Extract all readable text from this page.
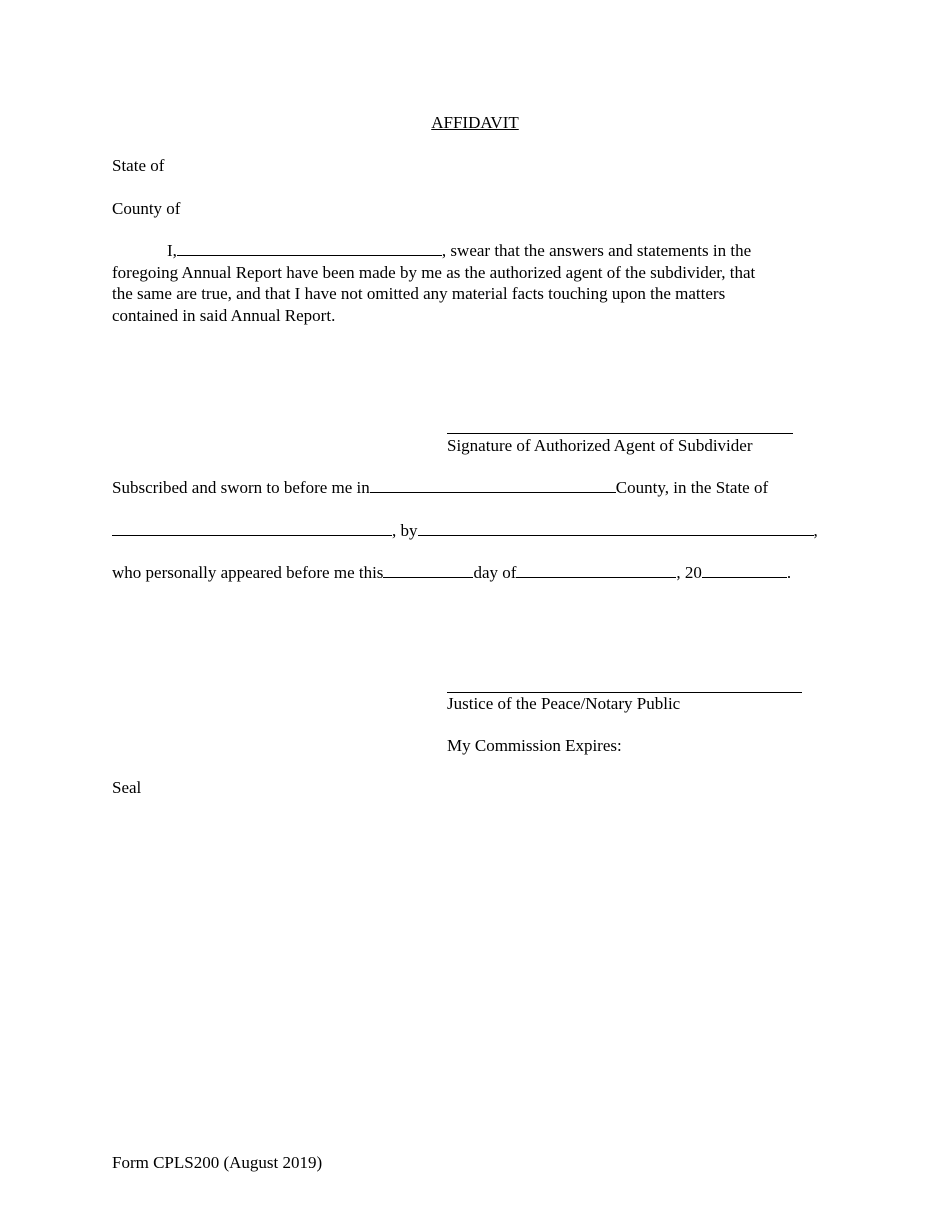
AFFIDAVIT
State of
County of
I,	, swear that the answers and statements in the
foregoing Annual Report have been made by me as the authorized agent of the subdivider, that
the same are true, and that I have not omitted any material facts touching upon the matters
contained in said Annual Report.
Signature of Authorized Agent of Subdivider
Subscribed and sworn to before me in	County, in the State of
, by	,
who personally appeared before me this	day of	, 20	.
Justice of the Peace/Notary Public
My Commission Expires:
Seal
Form CPLS200 (August 2019)
